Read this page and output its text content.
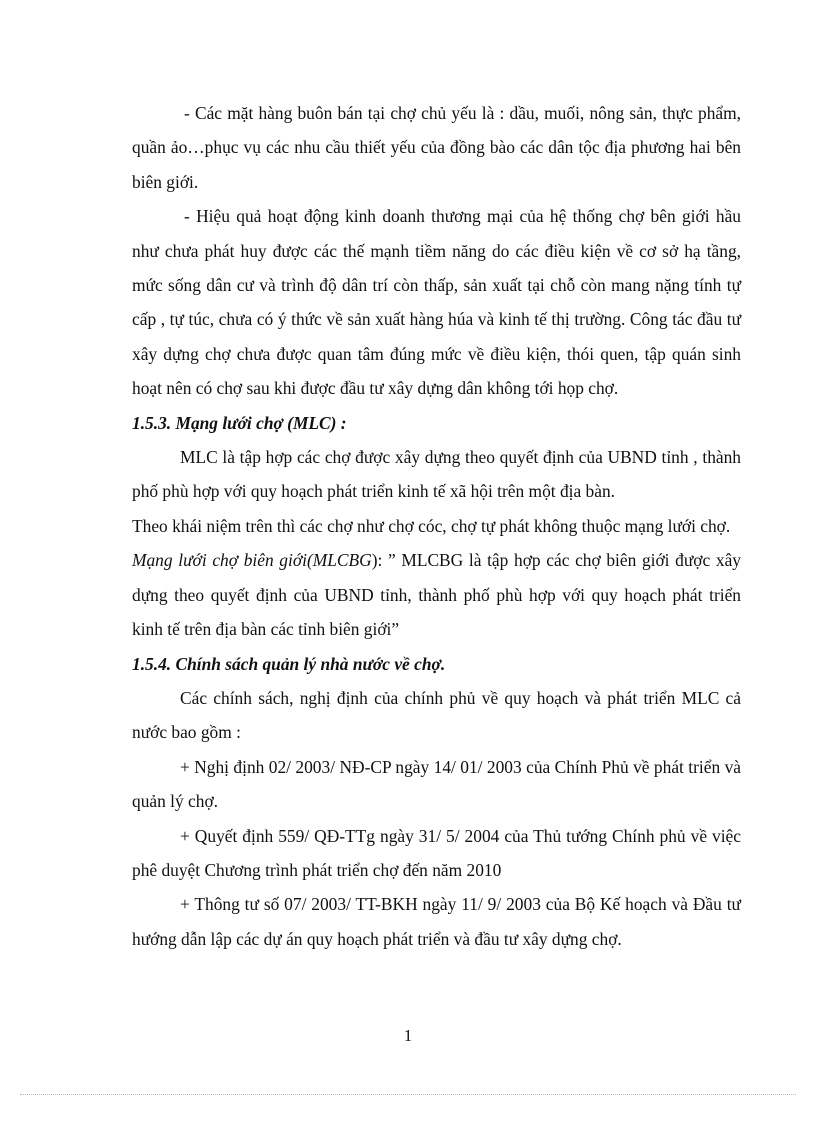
- Các mặt hàng buôn bán tại chợ chủ yếu là : dầu, muối, nông sản, thực phẩm, quần ảo…phục vụ các nhu cầu thiết yếu của đồng bào các dân tộc địa phương hai bên biên giới.

- Hiệu quả hoạt động kinh doanh thương mại của hệ thống chợ bên giới hầu như chưa phát huy được các thế mạnh tiềm năng do các điều kiện về cơ sở hạ tầng, mức sống dân cư và trình độ dân trí còn thấp, sản xuất tại chỗ còn mang nặng tính tự cấp , tự túc, chưa có ý thức về sản xuất hàng húa và kinh tế thị trường. Công tác đầu tư xây dựng chợ chưa được quan tâm đúng mức về điều kiện, thói quen, tập quán sinh hoạt nên có chợ sau khi được đầu tư xây dựng dân không tới họp chợ.

1.5.3. Mạng lưới chợ (MLC) :

MLC là tập hợp các chợ được xây dựng theo quyết định của UBND tỉnh , thành phố phù hợp với quy hoạch phát triển kinh tế xã hội trên một địa bàn.

Theo khái niệm trên thì các chợ như chợ cóc, chợ tự phát không thuộc mạng lưới chợ.

Mạng lưới chợ biên giới(MLCBG): ” MLCBG là tập hợp các chợ biên giới được xây dựng theo quyết định của UBND tỉnh, thành phố phù hợp với quy hoạch phát triển kinh tế trên địa bàn các tỉnh biên giới”

1.5.4. Chính sách quản lý nhà nước về chợ.

Các chính sách, nghị định của chính phủ về quy hoạch và phát triển MLC cả nước bao gồm :

+ Nghị định 02/ 2003/ NĐ-CP ngày 14/ 01/ 2003 của Chính Phủ về phát triển và quản lý chợ.

+ Quyết định 559/ QĐ-TTg ngày 31/ 5/ 2004 của Thủ tướng Chính phủ về việc phê duyệt Chương trình phát triển chợ đến năm 2010

+ Thông tư số 07/ 2003/ TT-BKH ngày 11/ 9/ 2003 của Bộ Kế hoạch và Đầu tư hướng dẫn lập các dự án quy hoạch phát triển và đầu tư xây dựng chợ.

1
